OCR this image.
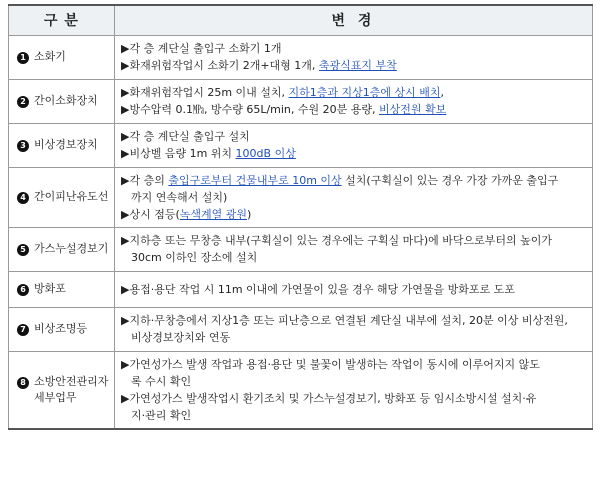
구 분	변 경
1 소화기	▶각 층 계단실 출입구 소화기 1개
▶화재위험작업시 소화기 2개+대형 1개, 축광식표지 부착

2 간이소화장치	▶화재위험작업시 25m 이내 설치, 지하1층과 지상1층에 상시 배치,
▶방수압력 0.1㎫, 방수량 65L/min, 수원 20분 용량, 비상전원 확보

3 비상경보장치	▶각 층 계단실 출입구 설치
▶비상벨 음량 1m 위치 100dB 이상

4 간이피난유도선	▶각 층의 출입구로부터 건물내부로 10m 이상 설치(구획실이 있는 경우 가장 가까운 출입구
까지 연속해서 설치)
▶상시 점등(녹색계열 광원)

5 가스누설경보기	▶지하층 또는 무창층 내부(구획실이 있는 경우에는 구획실 마다)에 바닥으로부터의 높이가
30cm 이하인 장소에 설치

6 방화포	▶용접·용단 작업 시 11m 이내에 가연물이 있을 경우 해당 가연물을 방화포로 도포

7 비상조명등	▶지하·무창층에서 지상1층 또는 피난층으로 연결된 계단실 내부에 설치, 20분 이상 비상전원,
비상경보장치와 연동

8 소방안전관리자 세부업무	▶가연성가스 발생 작업과 용접·용단 및 불꽃이 발생하는 작업이 동시에 이루어지지 않도
록 수시 확인
▶가연성가스 발생작업시 환기조치 및 가스누설경보기, 방화포 등 임시소방시설 설치·유
지·관리 확인
